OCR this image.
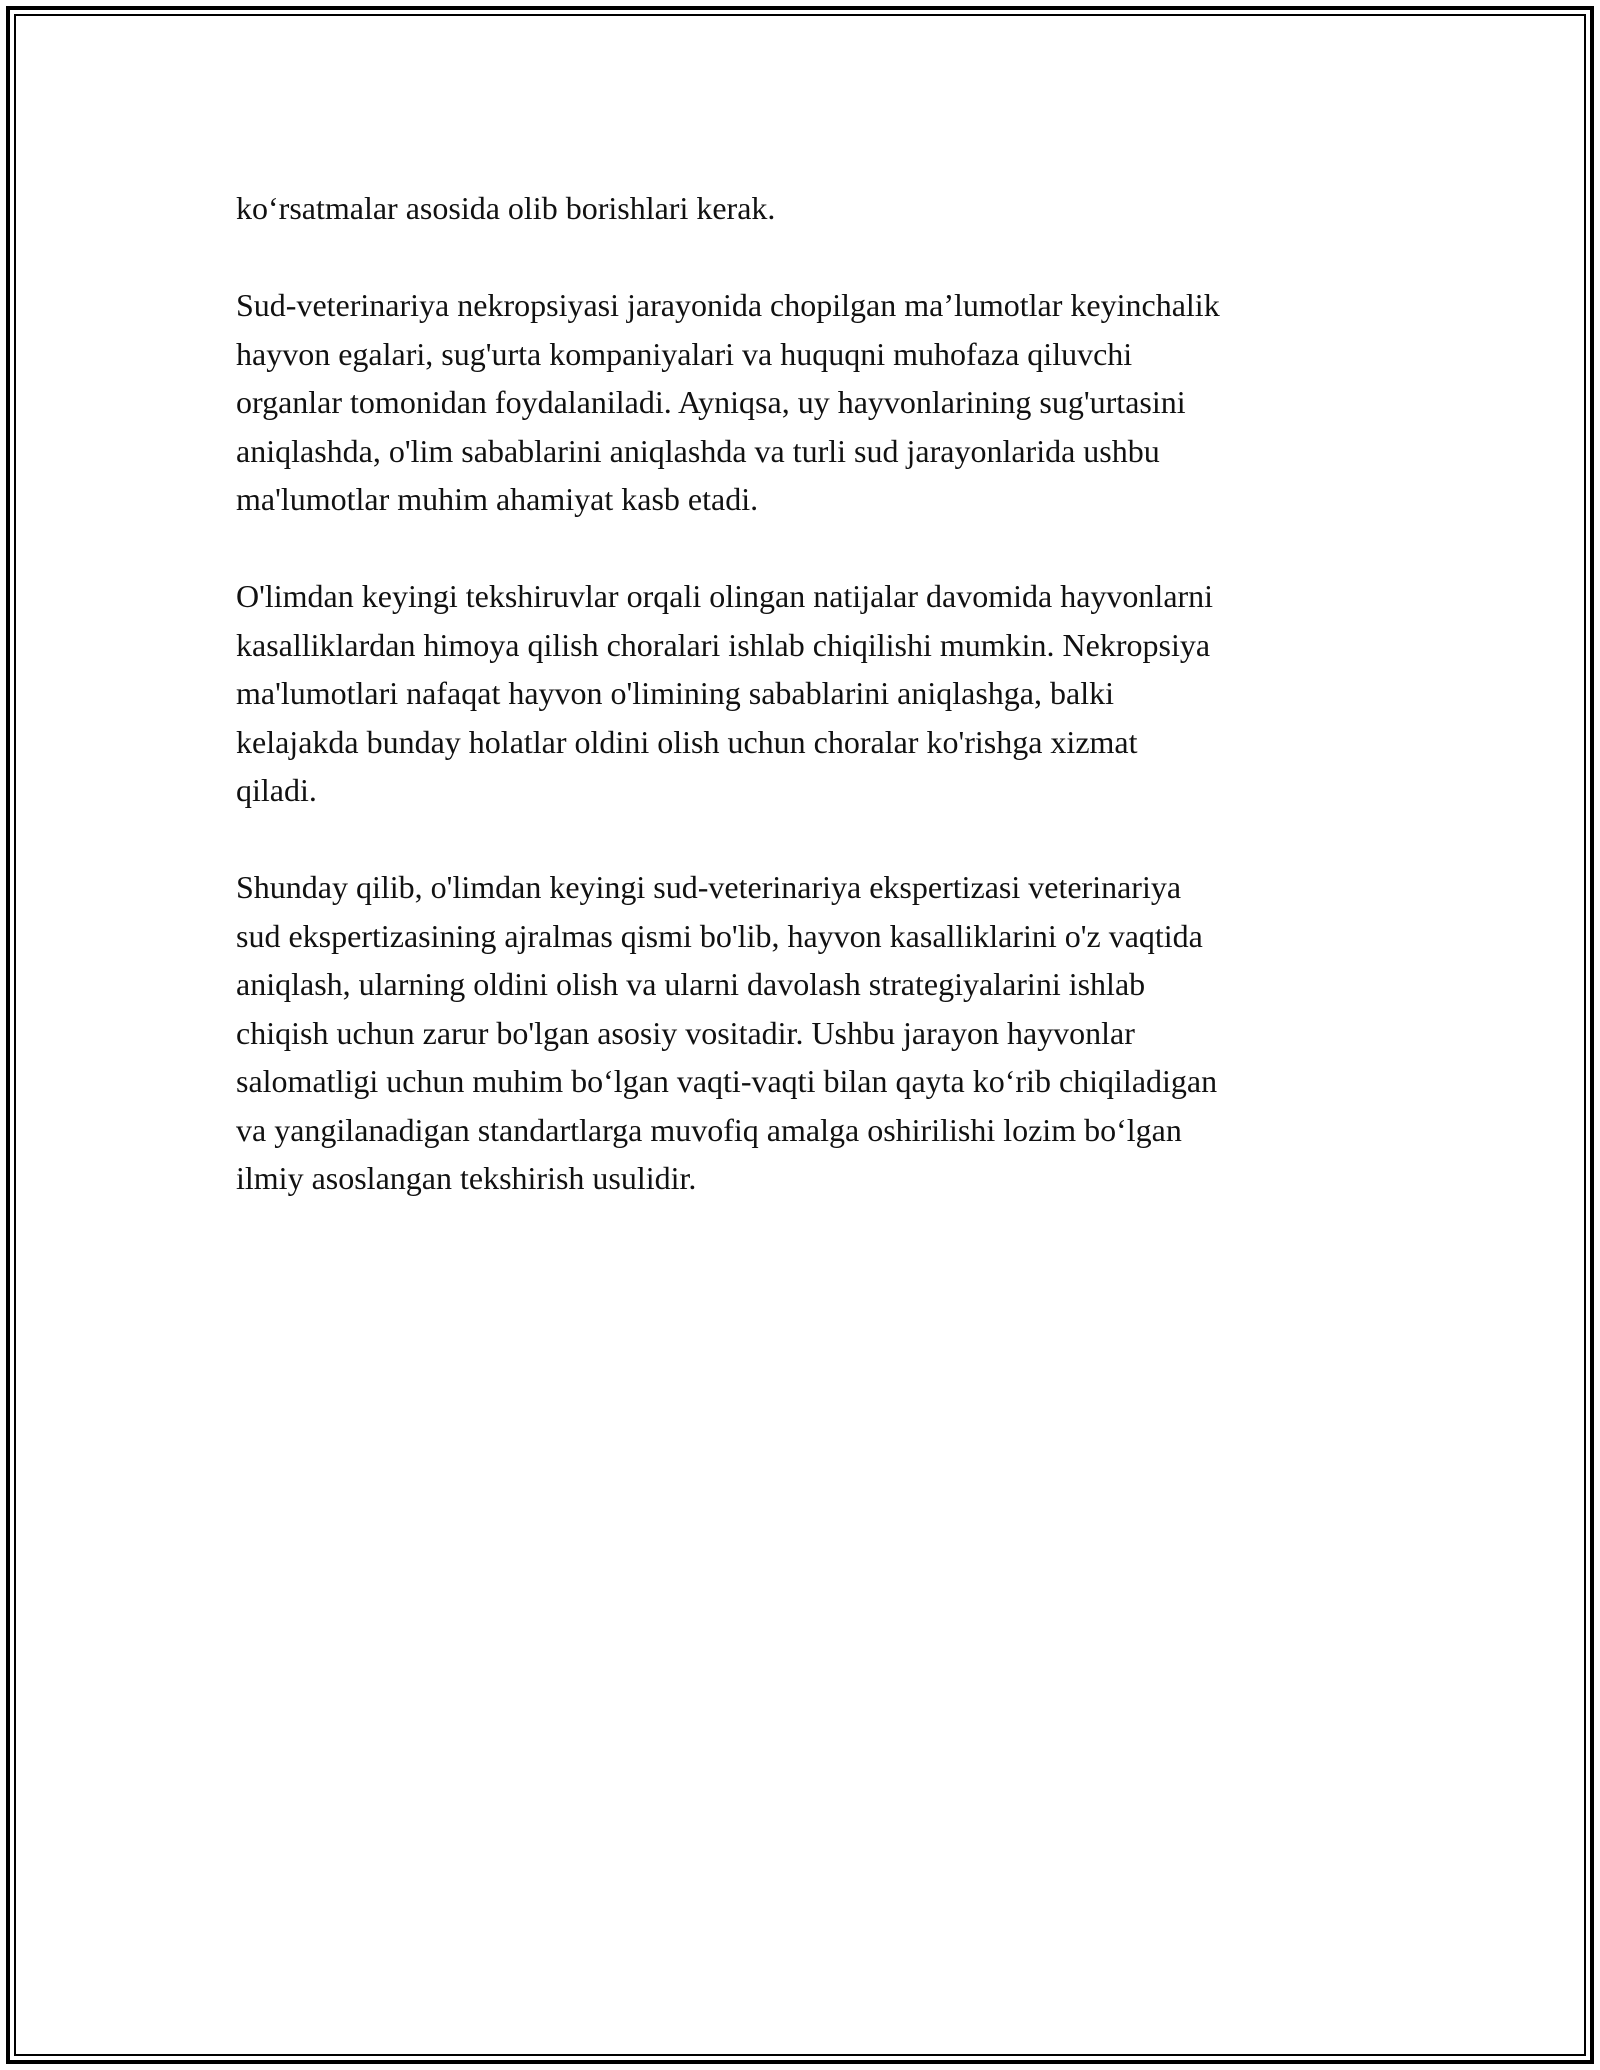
ko‘rsatmalar asosida olib borishlari kerak.

Sud-veterinariya nekropsiyasi jarayonida chopilgan ma’lumotlar keyinchalik
hayvon egalari, sug'urta kompaniyalari va huquqni muhofaza qiluvchi
organlar tomonidan foydalaniladi. Ayniqsa, uy hayvonlarining sug'urtasini
aniqlashda, o'lim sabablarini aniqlashda va turli sud jarayonlarida ushbu
ma'lumotlar muhim ahamiyat kasb etadi.

O'limdan keyingi tekshiruvlar orqali olingan natijalar davomida hayvonlarni
kasalliklardan himoya qilish choralari ishlab chiqilishi mumkin. Nekropsiya
ma'lumotlari nafaqat hayvon o'limining sabablarini aniqlashga, balki
kelajakda bunday holatlar oldini olish uchun choralar ko'rishga xizmat
qiladi.

Shunday qilib, o'limdan keyingi sud-veterinariya ekspertizasi veterinariya
sud ekspertizasining ajralmas qismi bo'lib, hayvon kasalliklarini o'z vaqtida
aniqlash, ularning oldini olish va ularni davolash strategiyalarini ishlab
chiqish uchun zarur bo'lgan asosiy vositadir. Ushbu jarayon hayvonlar
salomatligi uchun muhim bo‘lgan vaqti-vaqti bilan qayta ko‘rib chiqiladigan
va yangilanadigan standartlarga muvofiq amalga oshirilishi lozim bo‘lgan
ilmiy asoslangan tekshirish usulidir.
